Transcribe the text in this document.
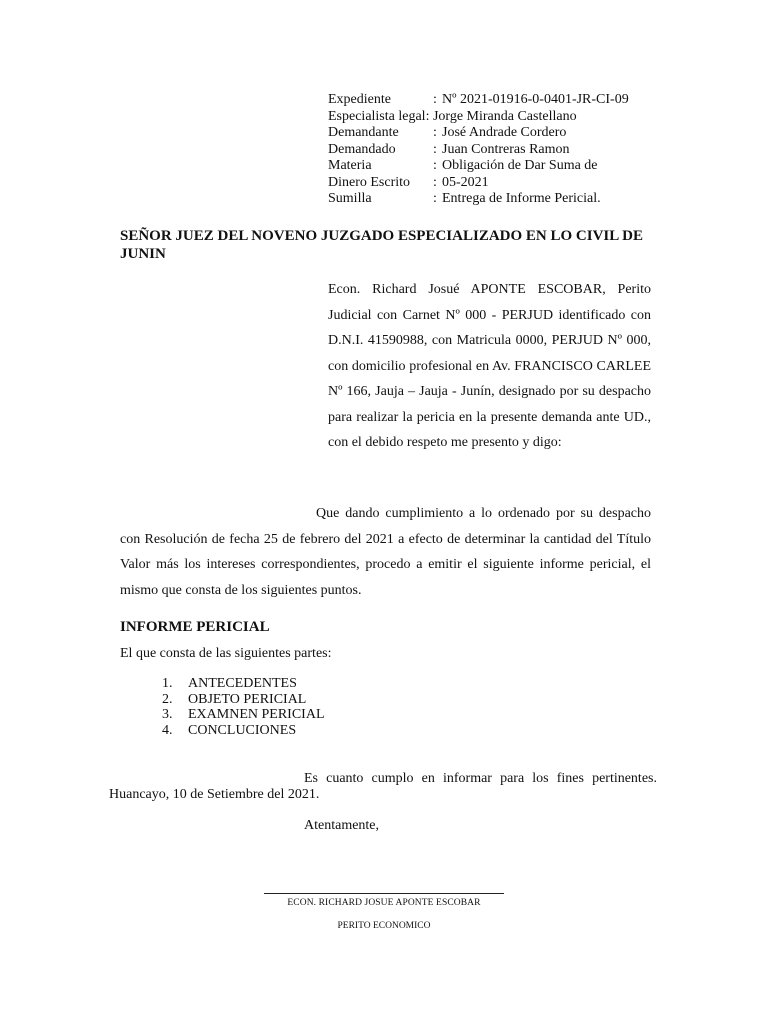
Expediente	:	Nº 2021-01916-0-0401-JR-CI-09
Especialista legal: Jorge Miranda Castellano		
Demandante	:	José Andrade Cordero
Demandado	:	Juan Contreras Ramon
Materia	:	Obligación de Dar Suma de
Dinero Escrito	:	05-2021
Sumilla	:	Entrega de Informe Pericial.
SEÑOR JUEZ DEL NOVENO JUZGADO ESPECIALIZADO EN LO CIVIL DE JUNIN
Econ. Richard Josué APONTE ESCOBAR, Perito Judicial con Carnet Nº 000 - PERJUD identificado con D.N.I. 41590988, con Matricula 0000, PERJUD Nº 000, con domicilio profesional en Av. FRANCISCO CARLEE Nº 166, Jauja – Jauja - Junín, designado por su despacho para realizar la pericia en la presente demanda ante UD., con el debido respeto me presento y digo:
Que dando cumplimiento a lo ordenado por su despacho con Resolución de fecha 25 de febrero del 2021 a efecto de determinar la cantidad del Título Valor más los intereses correspondientes, procedo a emitir el siguiente informe pericial, el mismo que consta de los siguientes puntos.
INFORME PERICIAL
El que consta de las siguientes partes:
1.	ANTECEDENTES
2.	OBJETO PERICIAL
3.	EXAMNEN PERICIAL
4.	CONCLUCIONES
Es cuanto cumplo en informar para los fines pertinentes.
Huancayo, 10 de Setiembre del 2021.
Atentamente,
ECON. RICHARD JOSUE APONTE ESCOBAR
PERITO ECONOMICO
